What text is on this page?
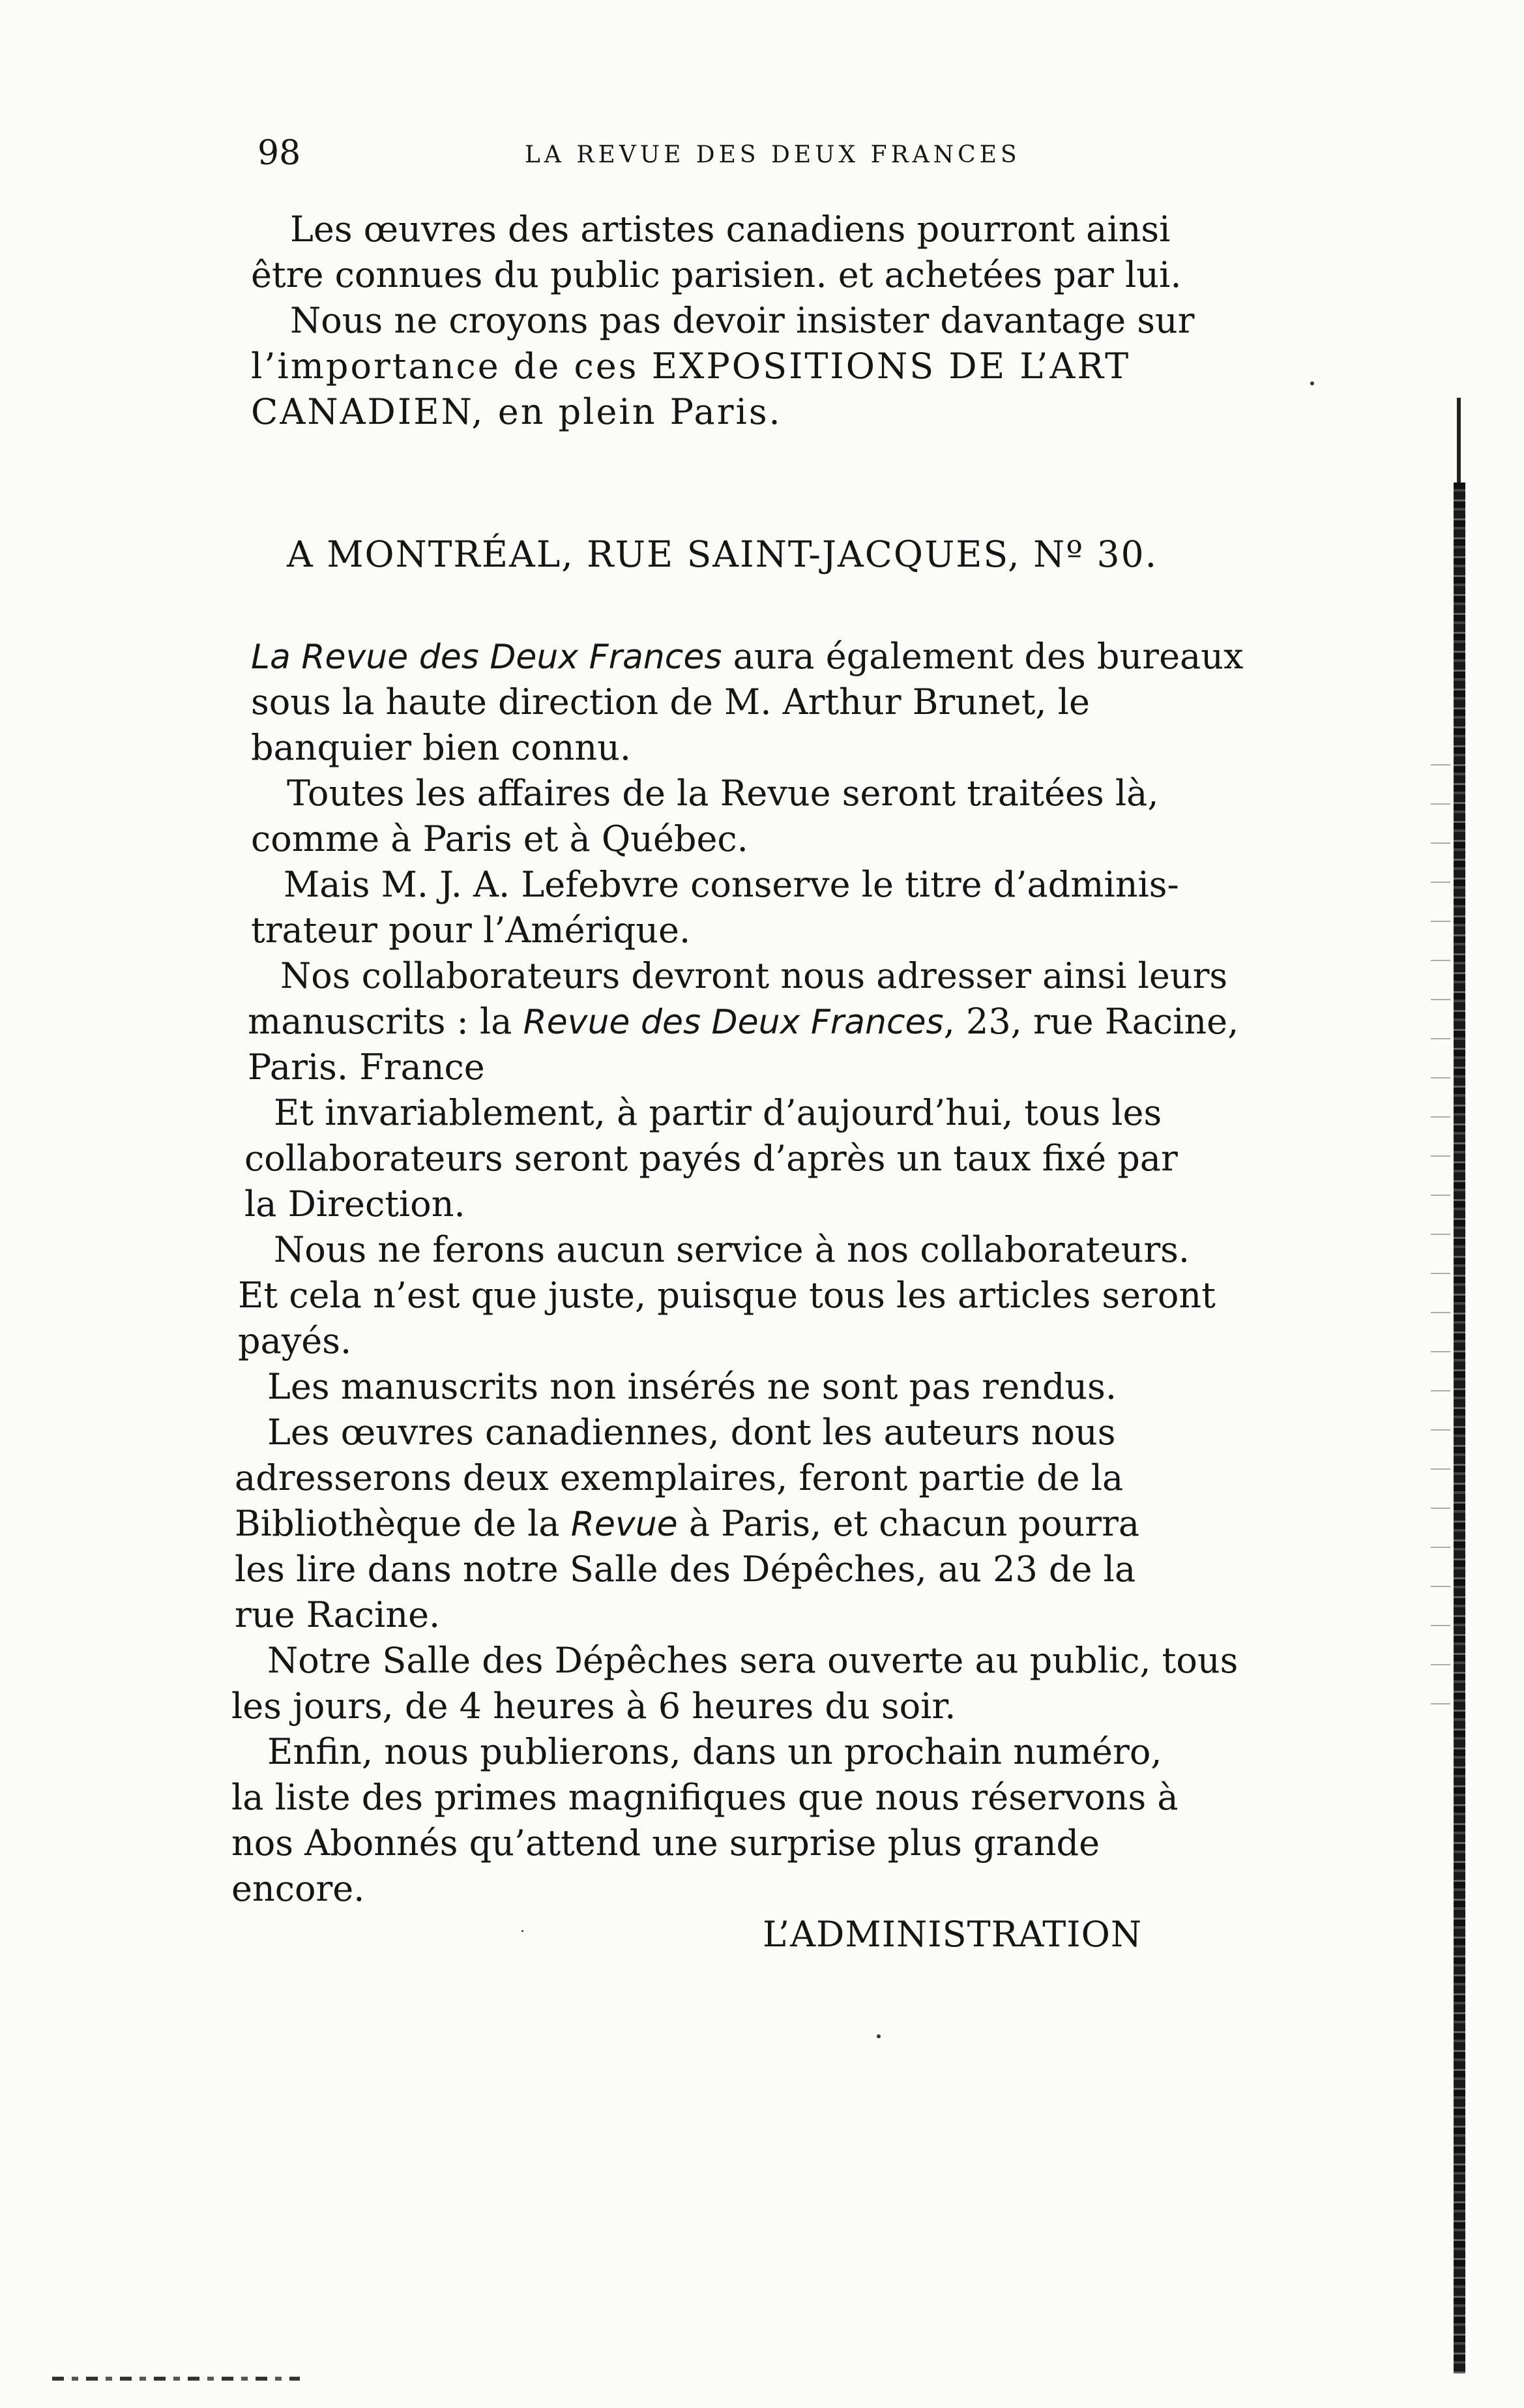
98	LA REVUE DES DEUX FRANCES
Les œuvres des artistes canadiens pourront ainsi
être connues du public parisien. et achetées par lui.
Nous ne croyons pas devoir insister davantage sur
l’importance de ces EXPOSITIONS DE L’ART
CANADIEN, en plein Paris.
A MONTRÉAL, RUE SAINT-JACQUES, Nº 30.
La Revue des Deux Frances aura également des bureaux
sous la haute direction de M. Arthur Brunet, le
banquier bien connu.
Toutes les affaires de la Revue seront traitées là,
comme à Paris et à Québec.
Mais M. J. A. Lefebvre conserve le titre d’adminis-
trateur pour l’Amérique.
Nos collaborateurs devront nous adresser ainsi leurs
manuscrits : la Revue des Deux Frances, 23, rue Racine,
Paris. France
Et invariablement, à partir d’aujourd’hui, tous les
collaborateurs seront payés d’après un taux fixé par
la Direction.
Nous ne ferons aucun service à nos collaborateurs.
Et cela n’est que juste, puisque tous les articles seront
payés.
Les manuscrits non insérés ne sont pas rendus.
Les œuvres canadiennes, dont les auteurs nous
adresserons deux exemplaires, feront partie de la
Bibliothèque de la Revue à Paris, et chacun pourra
les lire dans notre Salle des Dépêches, au 23 de la
rue Racine.
Notre Salle des Dépêches sera ouverte au public, tous
les jours, de 4 heures à 6 heures du soir.
Enfin, nous publierons, dans un prochain numéro,
la liste des primes magnifiques que nous réservons à
nos Abonnés qu’attend une surprise plus grande
encore.
L’ADMINISTRATION
